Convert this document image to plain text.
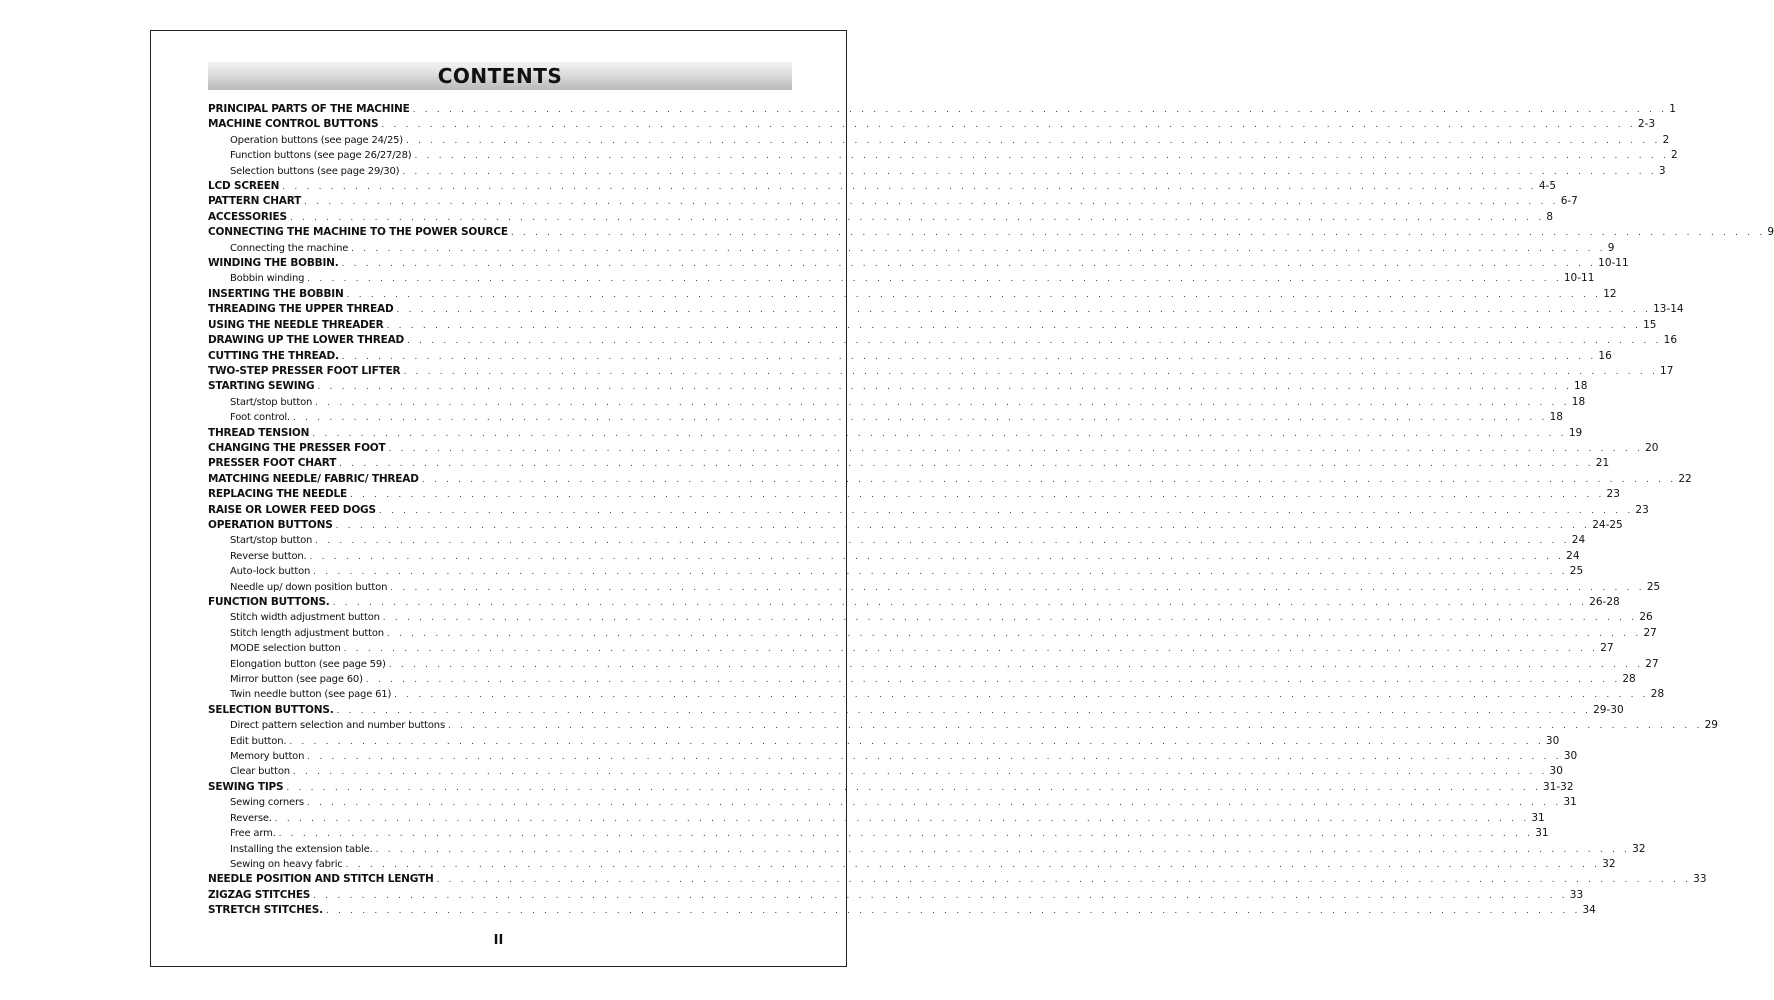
CONTENTS
PRINCIPAL PARTS OF THE MACHINE . . . . . . . . . . . . . . . . . . . . . . . . . . . . . . . . . . . . . . . . . . . . . . . . . . . . . . . . . . . . . . . . . . . . . . . . . . . . . . . . . . . . . . . . . . . . . . . . . . . . . . . . 1
MACHINE CONTROL BUTTONS . . . . . . . . . . . . . . . . . . . . . . . . . . . . . . . . . . . . . . . . . . . . . . . . . . . . . . . . . . . . . . . . . . . . . . . . . . . . . . . . . . . . . . . . . . . . . . . . . . . . . . . . 2-3
Operation buttons (see page 24/25) . . . . . . . . . . . . . . . . . . . . . . . . . . . . . . . . . . . . . . . . . . . . . . . . . . . . . . . . . . . . . . . . . . . . . . . . . . . . . . . . . . . . . . . . . . . . . . . . . . . . . . . . 2
Function buttons (see page 26/27/28) . . . . . . . . . . . . . . . . . . . . . . . . . . . . . . . . . . . . . . . . . . . . . . . . . . . . . . . . . . . . . . . . . . . . . . . . . . . . . . . . . . . . . . . . . . . . . . . . . . . . . . . . 2
Selection buttons (see page 29/30) . . . . . . . . . . . . . . . . . . . . . . . . . . . . . . . . . . . . . . . . . . . . . . . . . . . . . . . . . . . . . . . . . . . . . . . . . . . . . . . . . . . . . . . . . . . . . . . . . . . . . . . . 3
LCD SCREEN . . . . . . . . . . . . . . . . . . . . . . . . . . . . . . . . . . . . . . . . . . . . . . . . . . . . . . . . . . . . . . . . . . . . . . . . . . . . . . . . . . . . . . . . . . . . . . . . . . . . . . . . 4-5
PATTERN CHART . . . . . . . . . . . . . . . . . . . . . . . . . . . . . . . . . . . . . . . . . . . . . . . . . . . . . . . . . . . . . . . . . . . . . . . . . . . . . . . . . . . . . . . . . . . . . . . . . . . . . . . . 6-7
ACCESSORIES . . . . . . . . . . . . . . . . . . . . . . . . . . . . . . . . . . . . . . . . . . . . . . . . . . . . . . . . . . . . . . . . . . . . . . . . . . . . . . . . . . . . . . . . . . . . . . . . . . . . . . . . 8
CONNECTING THE MACHINE TO THE POWER SOURCE . . . . . . . . . . . . . . . . . . . . . . . . . . . . . . . . . . . . . . . . . . . . . . . . . . . . . . . . . . . . . . . . . . . . . . . . . . . . . . . . . . . . . . . . . . . . . . . . . . . . . . . . 9
Connecting the machine . . . . . . . . . . . . . . . . . . . . . . . . . . . . . . . . . . . . . . . . . . . . . . . . . . . . . . . . . . . . . . . . . . . . . . . . . . . . . . . . . . . . . . . . . . . . . . . . . . . . . . . . 9
WINDING THE BOBBIN. . . . . . . . . . . . . . . . . . . . . . . . . . . . . . . . . . . . . . . . . . . . . . . . . . . . . . . . . . . . . . . . . . . . . . . . . . . . . . . . . . . . . . . . . . . . . . . . . . . . . . . . . 10-11
Bobbin winding . . . . . . . . . . . . . . . . . . . . . . . . . . . . . . . . . . . . . . . . . . . . . . . . . . . . . . . . . . . . . . . . . . . . . . . . . . . . . . . . . . . . . . . . . . . . . . . . . . . . . . . . 10-11
INSERTING THE BOBBIN . . . . . . . . . . . . . . . . . . . . . . . . . . . . . . . . . . . . . . . . . . . . . . . . . . . . . . . . . . . . . . . . . . . . . . . . . . . . . . . . . . . . . . . . . . . . . . . . . . . . . . . . 12
THREADING THE UPPER THREAD . . . . . . . . . . . . . . . . . . . . . . . . . . . . . . . . . . . . . . . . . . . . . . . . . . . . . . . . . . . . . . . . . . . . . . . . . . . . . . . . . . . . . . . . . . . . . . . . . . . . . . . . 13-14
USING THE NEEDLE THREADER . . . . . . . . . . . . . . . . . . . . . . . . . . . . . . . . . . . . . . . . . . . . . . . . . . . . . . . . . . . . . . . . . . . . . . . . . . . . . . . . . . . . . . . . . . . . . . . . . . . . . . . . 15
DRAWING UP THE LOWER THREAD . . . . . . . . . . . . . . . . . . . . . . . . . . . . . . . . . . . . . . . . . . . . . . . . . . . . . . . . . . . . . . . . . . . . . . . . . . . . . . . . . . . . . . . . . . . . . . . . . . . . . . . . 16
CUTTING THE THREAD. . . . . . . . . . . . . . . . . . . . . . . . . . . . . . . . . . . . . . . . . . . . . . . . . . . . . . . . . . . . . . . . . . . . . . . . . . . . . . . . . . . . . . . . . . . . . . . . . . . . . . . . . 16
TWO-STEP PRESSER FOOT LIFTER . . . . . . . . . . . . . . . . . . . . . . . . . . . . . . . . . . . . . . . . . . . . . . . . . . . . . . . . . . . . . . . . . . . . . . . . . . . . . . . . . . . . . . . . . . . . . . . . . . . . . . . . 17
STARTING SEWING . . . . . . . . . . . . . . . . . . . . . . . . . . . . . . . . . . . . . . . . . . . . . . . . . . . . . . . . . . . . . . . . . . . . . . . . . . . . . . . . . . . . . . . . . . . . . . . . . . . . . . . . 18
Start/stop button . . . . . . . . . . . . . . . . . . . . . . . . . . . . . . . . . . . . . . . . . . . . . . . . . . . . . . . . . . . . . . . . . . . . . . . . . . . . . . . . . . . . . . . . . . . . . . . . . . . . . . . . 18
Foot control. . . . . . . . . . . . . . . . . . . . . . . . . . . . . . . . . . . . . . . . . . . . . . . . . . . . . . . . . . . . . . . . . . . . . . . . . . . . . . . . . . . . . . . . . . . . . . . . . . . . . . . . . 18
THREAD TENSION . . . . . . . . . . . . . . . . . . . . . . . . . . . . . . . . . . . . . . . . . . . . . . . . . . . . . . . . . . . . . . . . . . . . . . . . . . . . . . . . . . . . . . . . . . . . . . . . . . . . . . . . 19
CHANGING THE PRESSER FOOT . . . . . . . . . . . . . . . . . . . . . . . . . . . . . . . . . . . . . . . . . . . . . . . . . . . . . . . . . . . . . . . . . . . . . . . . . . . . . . . . . . . . . . . . . . . . . . . . . . . . . . . . 20
PRESSER FOOT CHART . . . . . . . . . . . . . . . . . . . . . . . . . . . . . . . . . . . . . . . . . . . . . . . . . . . . . . . . . . . . . . . . . . . . . . . . . . . . . . . . . . . . . . . . . . . . . . . . . . . . . . . . 21
MATCHING NEEDLE/ FABRIC/ THREAD . . . . . . . . . . . . . . . . . . . . . . . . . . . . . . . . . . . . . . . . . . . . . . . . . . . . . . . . . . . . . . . . . . . . . . . . . . . . . . . . . . . . . . . . . . . . . . . . . . . . . . . . 22
REPLACING THE NEEDLE . . . . . . . . . . . . . . . . . . . . . . . . . . . . . . . . . . . . . . . . . . . . . . . . . . . . . . . . . . . . . . . . . . . . . . . . . . . . . . . . . . . . . . . . . . . . . . . . . . . . . . . . 23
RAISE OR LOWER FEED DOGS . . . . . . . . . . . . . . . . . . . . . . . . . . . . . . . . . . . . . . . . . . . . . . . . . . . . . . . . . . . . . . . . . . . . . . . . . . . . . . . . . . . . . . . . . . . . . . . . . . . . . . . . 23
OPERATION BUTTONS . . . . . . . . . . . . . . . . . . . . . . . . . . . . . . . . . . . . . . . . . . . . . . . . . . . . . . . . . . . . . . . . . . . . . . . . . . . . . . . . . . . . . . . . . . . . . . . . . . . . . . . . 24-25
Start/stop button . . . . . . . . . . . . . . . . . . . . . . . . . . . . . . . . . . . . . . . . . . . . . . . . . . . . . . . . . . . . . . . . . . . . . . . . . . . . . . . . . . . . . . . . . . . . . . . . . . . . . . . . 24
Reverse button. . . . . . . . . . . . . . . . . . . . . . . . . . . . . . . . . . . . . . . . . . . . . . . . . . . . . . . . . . . . . . . . . . . . . . . . . . . . . . . . . . . . . . . . . . . . . . . . . . . . . . . . . 24
Auto-lock button . . . . . . . . . . . . . . . . . . . . . . . . . . . . . . . . . . . . . . . . . . . . . . . . . . . . . . . . . . . . . . . . . . . . . . . . . . . . . . . . . . . . . . . . . . . . . . . . . . . . . . . . 25
Needle up/ down position button . . . . . . . . . . . . . . . . . . . . . . . . . . . . . . . . . . . . . . . . . . . . . . . . . . . . . . . . . . . . . . . . . . . . . . . . . . . . . . . . . . . . . . . . . . . . . . . . . . . . . . . . 25
FUNCTION BUTTONS. . . . . . . . . . . . . . . . . . . . . . . . . . . . . . . . . . . . . . . . . . . . . . . . . . . . . . . . . . . . . . . . . . . . . . . . . . . . . . . . . . . . . . . . . . . . . . . . . . . . . . . . . 26-28
Stitch width adjustment button . . . . . . . . . . . . . . . . . . . . . . . . . . . . . . . . . . . . . . . . . . . . . . . . . . . . . . . . . . . . . . . . . . . . . . . . . . . . . . . . . . . . . . . . . . . . . . . . . . . . . . . . 26
Stitch length adjustment button . . . . . . . . . . . . . . . . . . . . . . . . . . . . . . . . . . . . . . . . . . . . . . . . . . . . . . . . . . . . . . . . . . . . . . . . . . . . . . . . . . . . . . . . . . . . . . . . . . . . . . . . 27
MODE selection button . . . . . . . . . . . . . . . . . . . . . . . . . . . . . . . . . . . . . . . . . . . . . . . . . . . . . . . . . . . . . . . . . . . . . . . . . . . . . . . . . . . . . . . . . . . . . . . . . . . . . . . . 27
Elongation button (see page 59) . . . . . . . . . . . . . . . . . . . . . . . . . . . . . . . . . . . . . . . . . . . . . . . . . . . . . . . . . . . . . . . . . . . . . . . . . . . . . . . . . . . . . . . . . . . . . . . . . . . . . . . . 27
Mirror button (see page 60) . . . . . . . . . . . . . . . . . . . . . . . . . . . . . . . . . . . . . . . . . . . . . . . . . . . . . . . . . . . . . . . . . . . . . . . . . . . . . . . . . . . . . . . . . . . . . . . . . . . . . . . . 28
Twin needle button (see page 61) . . . . . . . . . . . . . . . . . . . . . . . . . . . . . . . . . . . . . . . . . . . . . . . . . . . . . . . . . . . . . . . . . . . . . . . . . . . . . . . . . . . . . . . . . . . . . . . . . . . . . . . . 28
SELECTION BUTTONS. . . . . . . . . . . . . . . . . . . . . . . . . . . . . . . . . . . . . . . . . . . . . . . . . . . . . . . . . . . . . . . . . . . . . . . . . . . . . . . . . . . . . . . . . . . . . . . . . . . . . . . . . 29-30
Direct pattern selection and number buttons . . . . . . . . . . . . . . . . . . . . . . . . . . . . . . . . . . . . . . . . . . . . . . . . . . . . . . . . . . . . . . . . . . . . . . . . . . . . . . . . . . . . . . . . . . . . . . . . . . . . . . . . 29
Edit button. . . . . . . . . . . . . . . . . . . . . . . . . . . . . . . . . . . . . . . . . . . . . . . . . . . . . . . . . . . . . . . . . . . . . . . . . . . . . . . . . . . . . . . . . . . . . . . . . . . . . . . . . 30
Memory button . . . . . . . . . . . . . . . . . . . . . . . . . . . . . . . . . . . . . . . . . . . . . . . . . . . . . . . . . . . . . . . . . . . . . . . . . . . . . . . . . . . . . . . . . . . . . . . . . . . . . . . . 30
Clear button . . . . . . . . . . . . . . . . . . . . . . . . . . . . . . . . . . . . . . . . . . . . . . . . . . . . . . . . . . . . . . . . . . . . . . . . . . . . . . . . . . . . . . . . . . . . . . . . . . . . . . . . 30
SEWING TIPS . . . . . . . . . . . . . . . . . . . . . . . . . . . . . . . . . . . . . . . . . . . . . . . . . . . . . . . . . . . . . . . . . . . . . . . . . . . . . . . . . . . . . . . . . . . . . . . . . . . . . . . . 31-32
Sewing corners . . . . . . . . . . . . . . . . . . . . . . . . . . . . . . . . . . . . . . . . . . . . . . . . . . . . . . . . . . . . . . . . . . . . . . . . . . . . . . . . . . . . . . . . . . . . . . . . . . . . . . . . 31
Reverse. . . . . . . . . . . . . . . . . . . . . . . . . . . . . . . . . . . . . . . . . . . . . . . . . . . . . . . . . . . . . . . . . . . . . . . . . . . . . . . . . . . . . . . . . . . . . . . . . . . . . . . . . 31
Free arm. . . . . . . . . . . . . . . . . . . . . . . . . . . . . . . . . . . . . . . . . . . . . . . . . . . . . . . . . . . . . . . . . . . . . . . . . . . . . . . . . . . . . . . . . . . . . . . . . . . . . . . . . 31
Installing the extension table. . . . . . . . . . . . . . . . . . . . . . . . . . . . . . . . . . . . . . . . . . . . . . . . . . . . . . . . . . . . . . . . . . . . . . . . . . . . . . . . . . . . . . . . . . . . . . . . . . . . . . . . . 32
Sewing on heavy fabric . . . . . . . . . . . . . . . . . . . . . . . . . . . . . . . . . . . . . . . . . . . . . . . . . . . . . . . . . . . . . . . . . . . . . . . . . . . . . . . . . . . . . . . . . . . . . . . . . . . . . . . . 32
NEEDLE POSITION AND STITCH LENGTH . . . . . . . . . . . . . . . . . . . . . . . . . . . . . . . . . . . . . . . . . . . . . . . . . . . . . . . . . . . . . . . . . . . . . . . . . . . . . . . . . . . . . . . . . . . . . . . . . . . . . . . . 33
ZIGZAG STITCHES . . . . . . . . . . . . . . . . . . . . . . . . . . . . . . . . . . . . . . . . . . . . . . . . . . . . . . . . . . . . . . . . . . . . . . . . . . . . . . . . . . . . . . . . . . . . . . . . . . . . . . . . 33
STRETCH STITCHES. . . . . . . . . . . . . . . . . . . . . . . . . . . . . . . . . . . . . . . . . . . . . . . . . . . . . . . . . . . . . . . . . . . . . . . . . . . . . . . . . . . . . . . . . . . . . . . . . . . . . . . . . 34
II
